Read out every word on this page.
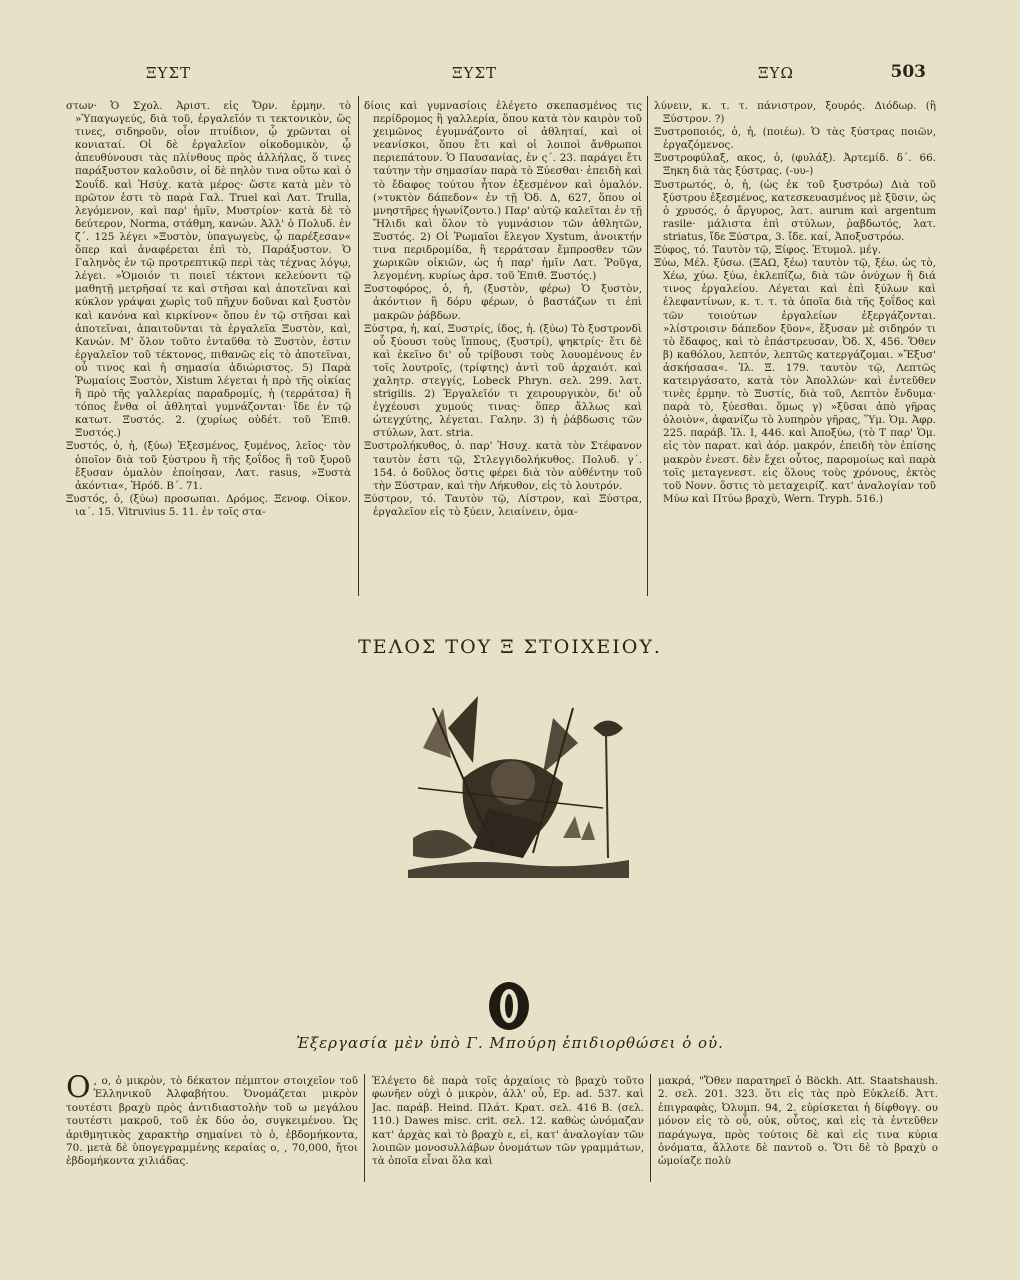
ΞΥΣΤ	ΞΥΣΤ	ΞΥΩ	503

στων· Ὁ Σχολ. Ἀριστ. εἰς Ὄρν. ἑρμην. τὸ »Ὑπαγωγεύς, διὰ τοῦ, ἐργαλεῖόν τι τεκτονικὸν, ὥς τινες, σιδηροῦν, οἷον πτυίδιον, ᾧ χρῶνται οἱ κονιαταί. Οἱ δὲ ἐργαλεῖον οἰκοδομικὸν, ᾧ ἀπευθύνουσι τὰς πλίνθους πρὸς ἀλλήλας, ὅ τινες παράξυστον καλοῦσιν, οἱ δὲ πηλὸν τινα οὕτω καὶ ὁ Σουΐδ. καὶ Ἡσύχ. κατὰ μέρος· ὥστε κατὰ μὲν τὸ πρῶτον ἐστι τὸ παρὰ Γαλ. Truel καὶ Λατ. Trulla, λεγόμενον, καὶ παρ' ἡμῖν, Μυστρίον· κατὰ δὲ τὸ δεύτερον, Norma, στάθμη, κανών. Ἀλλ' ὁ Πολυδ. ἐν ζ΄. 125 λέγει »Ξυστὸν, ὑπαγωγεὺς, ᾧ παρέξεσαν« ὅπερ καὶ ἀναφέρεται ἐπὶ τὸ, Παράξυστον. Ὁ Γαληνὸς ἐν τῷ προτρεπτικῷ περὶ τὰς τέχνας λόγῳ, λέγει. »Ὁμοιόν τι ποιεῖ τέκτονι κελεύοντι τῷ μαθητῇ μετρῆσαί τε καὶ στῆσαι καὶ ἀποτεῖναι καὶ κύκλον γράψαι χωρὶς τοῦ πῆχυν δοῦναι καὶ ξυστὸν καὶ κανόνα καὶ κιρκίνον« ὅπου ἐν τῷ στῆσαι καὶ ἀποτεῖναι, ἀπαιτοῦνται τὰ ἐργαλεῖα Ξυστὸν, καὶ, Κανών. Μ' ὅλον τοῦτο ἐνταῦθα τὸ Ξυστὸν, ἐστιν ἐργαλεῖον τοῦ τέκτονος, πιθανῶς εἰς τὸ ἀποτεῖναι, οὗ τινος καὶ ἡ σημασία ἀδιώριστος. 5) Παρὰ Ῥωμαίοις Ξυστὸν, Xistum λέγεται ἡ πρὸ τῆς οἰκίας ἢ πρὸ τῆς γαλλερίας παραδρομίς, ἡ (τερράτσα) ἢ τόπος ἔνθα οἱ ἀθληταὶ γυμνάζονται· ἴδε ἐν τῷ κατωτ. Ξυστός. 2. (χυρίως οὐδέτ. τοῦ Ἐπιθ. Ξυστός.)

Ξυστός, ὁ, ἡ, (ξύω) Ἐξεσμένος, ξυμένος, λεῖος· τὸν ὁποῖον διὰ τοῦ ξύστρου ἢ τῆς ξοΐδος ἢ τοῦ ξυροῦ ἔξυσαν ὁμαλὸν ἐποίησαν, Λατ. rasus, »Ξυστὰ ἀκόντια«, Ἡρόδ. Β΄. 71.

Ξυστός, ὁ, (ξύω) προσωπαι. Δρόμος. Ξενοφ. Οἰκον. ια΄. 15. Vitruvius 5. 11. ἐν τοῖς στα-

δίοις καὶ γυμνασίοις ἐλέγετο σκεπασμένος τις περίδρομος ἢ γαλλερία, ὅπου κατὰ τὸν καιρὸν τοῦ χειμῶνος ἐγυμνάζοντο οἱ ἀθληταί, καὶ οἱ νεανίσκοι, ὅπου ἔτι καὶ οἱ λοιποὶ ἄνθρωποι περιεπάτουν. Ὁ Παυσανίας, ἐν ς΄. 23. παράγει ἔτι ταύτην τὴν σημασίαν παρὰ τὸ Ξύεσθαι· ἐπειδὴ καὶ τὸ ἔδαφος τούτου ἦτον ἐξεσμένον καὶ ὁμαλόν. (»τυκτὸν δάπεδον« ἐν τῇ Ὀδ. Δ, 627, ὅπου οἱ μνηστῆρες ἠγωνίζοντο.) Παρ' αὐτῷ καλεῖται ἐν τῇ Ἤλιδι καὶ ὅλον τὸ γυμνάσιον τῶν ἀθλητῶν, Ξυστός. 2) Οἱ Ῥωμαῖοι ἔλεγον Xystum, ἀνοικτήν τινα περιδρομίδα, ἢ τερράτσαν ἔμπροσθεν τῶν χωρικῶν οἰκιῶν, ὡς ἡ παρ' ἡμῖν Λατ. Ῥοῦγα, λεγομένη. κυρίως ἀρσ. τοῦ Ἐπιθ. Ξυστός.)

Ξυστοφόρος, ὁ, ἡ, (ξυστὸν, φέρω) Ὁ ξυστὸν, ἀκόντιον ἢ δόρυ φέρων, ὁ βαστάζων τι ἐπὶ μακρῶν ῥάβδων.

Ξύστρα, ἡ, καί, Ξυστρίς, ίδος, ἡ. (ξύω) Τὸ ξυστρονδὶ οὗ ξύουσι τοὺς ἵππους, (ξυστρί), ψηκτρίς· ἔτι δὲ καὶ ἐκεῖνο δι' οὗ τρίβουσι τοὺς λουομένους ἐν τοῖς λουτροῖς, (τρίφτης) ἀντὶ τοῦ ἀρχαιότ. καὶ χαλητρ. στεγγίς, Lobeck Phryn. σελ. 299. λατ. strigilis. 2) Ἐργαλεῖόν τι χειρουργικὸν, δι' οὗ ἐγχέουσι χυμούς τινας· ὅπερ ἄλλως καὶ ὠτεγχύτης, λέγεται. Γαλην. 3) ἡ ῥάβδωσις τῶν στύλων, λατ. stria.

Ξυστρολήκυθος, ὁ. παρ' Ἡσυχ. κατὰ τὸν Στέφανον ταυτὸν ἐστι τῷ, Στλεγγιδολήκυθος. Πολυδ. γ΄. 154. ὁ δοῦλος ὅστις φέρει διὰ τὸν αὐθέντην τοῦ τὴν Ξύστραν, καὶ τὴν Λήκυθον, εἰς τὸ λουτρόν.

Ξύστρον, τό. Ταυτὸν τῷ, Λίστρον, καὶ Ξύστρα, ἐργαλεῖον εἰς τὸ ξύειν, λειαίνειν, ὁμα-

λύνειν, κ. τ. τ. πάνιστρον, ξουρός. Διόδωρ. (ἢ Ξύστρον. ?)

Ξυστροποιός, ὁ, ἡ, (ποιέω). Ὁ τὰς ξύστρας ποιῶν, ἐργαζόμενος.

Ξυστροφύλαξ, ακος, ὁ, (φυλάξ). Ἀρτεμίδ. δ΄. 66. Ξηκη διὰ τὰς ξύστρας. (-υυ-)

Ξυστρωτός, ὁ, ἡ, (ὡς ἐκ τοῦ ξυστρόω) Διὰ τοῦ ξύστρου ἐξεσμένος, κατεσκευασμένος μὲ ξῦσιν, ὡς ὁ χρυσός, ὁ ἄργυρος, λατ. aurum καὶ argentum rasile· μάλιστα ἐπὶ στύλων, ῥαβδωτός, λατ. striatus, ἴδε Ξύστρα, 3. ἴδε. καί, Ἀποξυστρόω.

Ξύφος, τό. Ταυτὸν τῷ, Ξίφος. Ἐτυμολ. μέγ.

Ξύω, Μέλ. ξύσω. (ΞΑΩ, ξέω) ταυτὸν τῷ, ξέω. ὡς τὸ, Χέω, χύω. ξύω, ἐκλεπίζω, διὰ τῶν ὀνύχων ἢ διά τινος ἐργαλείου. Λέγεται καὶ ἐπὶ ξύλων καὶ ἐλεφαντίνων, κ. τ. τ. τὰ ὁποῖα διὰ τῆς ξοΐδος καὶ τῶν τοιούτων ἐργαλείων ἐξεργάζονται. »λίστροισιν δάπεδον ξῦον«, ἔξυσαν μὲ σιδηρόν τι τὸ ἔδαφος, καὶ τὸ ἐπάστρευσαν, Ὀδ. Χ, 456. Ὅθεν β) καθόλου, λεπτόν, λεπτῶς κατεργάζομαι. »Ἔξυσ' ἀσκήσασα«. Ἰλ. Ξ. 179. ταυτὸν τῷ, Λεπτῶς κατειργάσατο, κατὰ τὸν Ἀπολλών· καὶ ἐντεῦθεν τινὲς ἑρμην. τὸ Ξυστίς, διὰ τοῦ, Λεπτὸν ἔνδυμα· παρὰ τὸ, ξύεσθαι. ὅμως γ) »ξῦσαι ἀπὸ γῆρας ὀλοιὸν«, ἀφανίζω τὸ λυπηρὸν γῆρας, Ὕμ. Ὁμ. Ἀφρ. 225. παράβ. Ἰλ. Ι, 446. καὶ Ἀποξύω, (τὸ Τ παρ' Ὁμ. εἰς τὸν παρατ. καὶ ἀόρ. μακρόν, ἐπειδὴ τὸν ἐπίσης μακρὸν ἐνεστ. δὲν ἔχει οὗτος, παρομοίως καὶ παρὰ τοῖς μεταγενεστ. εἰς ὅλους τοὺς χρόνους, ἐκτὸς τοῦ Νονν. ὅστις τὸ μεταχειρίζ. κατ' ἀναλογίαν τοῦ Μύω καὶ Πτύω βραχὺ, Wern. Tryph. 516.)

ΤΕΛΟΣ ΤΟΥ Ξ ΣΤΟΙΧΕΙΟΥ.
Ἐξεργασία μὲν ὑπὸ Γ. Μπούρη ἐπιδιορθώσει ὁ οὐ.

Ο , ο, ὁ μικρὸν, τὸ δέκατον πέμπτον στοιχεῖον τοῦ Ἑλληνικοῦ Ἀλφαβήτου. Ὀνομάζεται μικρὸν τουτέστι βραχὺ πρὸς ἀντιδιαστολὴν τοῦ ω μεγάλου τουτέστι μακροῦ, τοῦ ἐκ δύο ὀο, συγκειμένου. Ὡς ἀριθμητικὸς χαρακτὴρ σημαίνει τὸ ὁ, ἑβδομήκοντα, 70. μετὰ δὲ ὑπογεγραμμένης κεραίας ο, , 70,000, ἤτοι ἑβδομήκοντα χιλιάδας.

Ἐλέγετο δὲ παρὰ τοῖς ἀρχαίοις τὸ βραχὺ τοῦτο φωνῆεν οὐχὶ ὁ μικρὸν, ἀλλ' οὗ, Ep. ad. 537. καὶ Jac. παράβ. Heind. Πλάτ. Κρατ. σελ. 416 B. (σελ. 110.) Dawes misc. crit. σελ. 12. καθὼς ὠνόμαζαν κατ' ἀρχὰς καὶ τὸ βραχὺ ε, εἰ, κατ' ἀναλογίαν τῶν λοιπῶν μονοσυλλάβων ὀνομάτων τῶν γραμμάτων, τὰ ὁποῖα εἶναι ὅλα καὶ

μακρά, "Ὅθεν παρατηρεῖ ὁ Böckh. Att. Staatshaush. 2. σελ. 201. 323. ὅτι εἰς τὰς πρὸ Εὐκλείδ. Ἀττ. ἐπιγραφὰς, Ὀλυμπ. 94, 2. εὑρίσκεται ἡ δίφθογγ. ου μόνον εἰς τὸ οὗ, οὐκ, οὗτος, καὶ εἰς τὰ ἐντεῦθεν παράγωγα, πρὸς τούτοις δὲ καὶ εἰς τινα κύρια ὀνόματα, ἄλλοτε δὲ παντοῦ ο. Ὅτι δὲ τὸ βραχὺ ο ὡμοίαζε πολὺ
